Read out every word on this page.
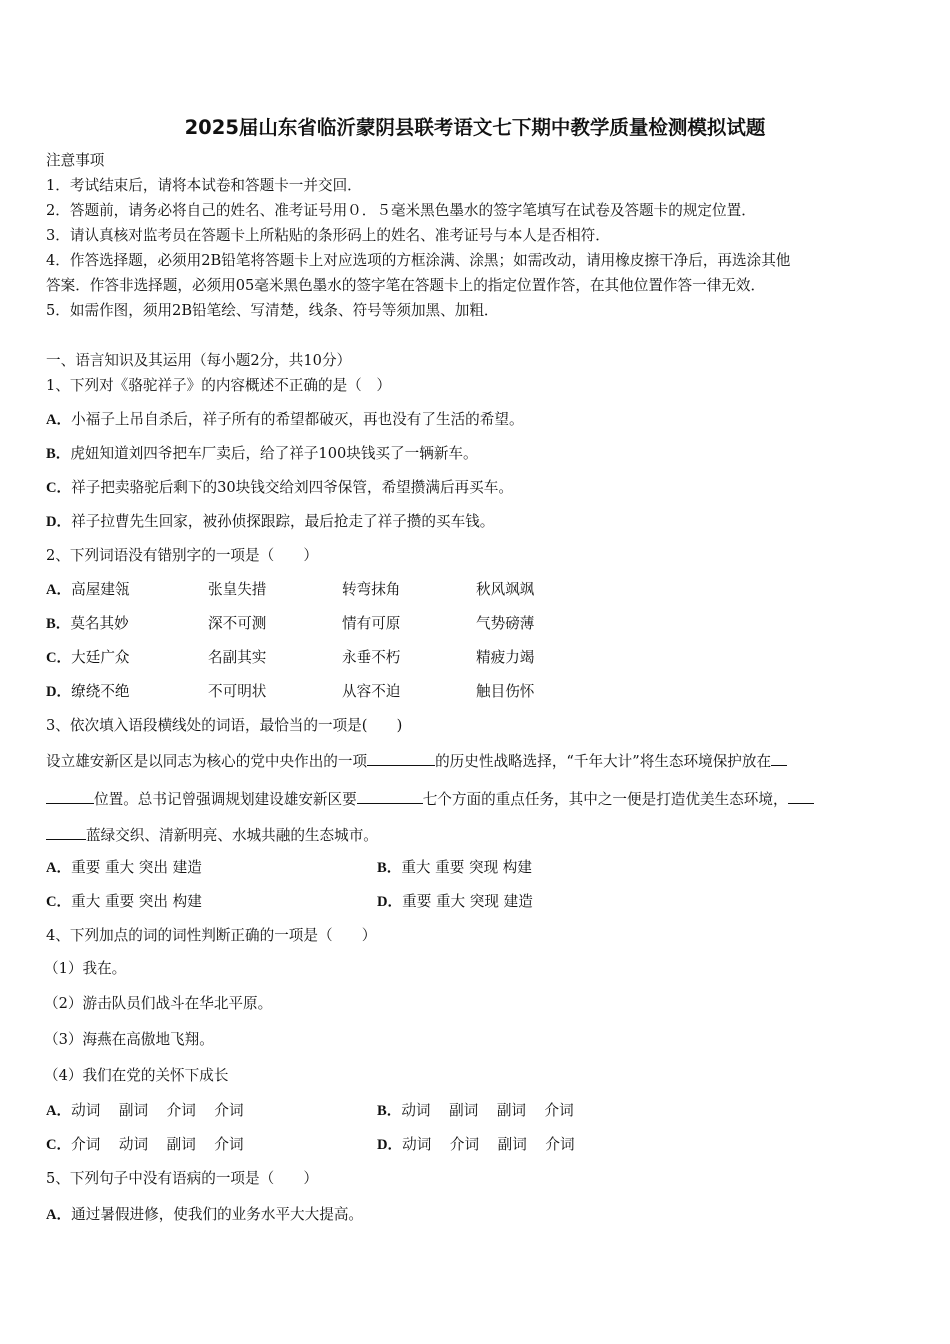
2025届山东省临沂蒙阴县联考语文七下期中教学质量检测模拟试题
注意事项
1．考试结束后，请将本试卷和答题卡一并交回．
2．答题前，请务必将自己的姓名、准考证号用０．５毫米黑色墨水的签字笔填写在试卷及答题卡的规定位置．
3．请认真核对监考员在答题卡上所粘贴的条形码上的姓名、准考证号与本人是否相符．
4．作答选择题，必须用2B铅笔将答题卡上对应选项的方框涂满、涂黑；如需改动，请用橡皮擦干净后，再选涂其他
答案．作答非选择题，必须用05毫米黑色墨水的签字笔在答题卡上的指定位置作答，在其他位置作答一律无效．
5．如需作图，须用2B铅笔绘、写清楚，线条、符号等须加黑、加粗．
一、语言知识及其运用（每小题2分，共10分）
1、下列对《骆驼祥子》的内容概述不正确的是（　）
A．小福子上吊自杀后，祥子所有的希望都破灭，再也没有了生活的希望。
B．虎妞知道刘四爷把车厂卖后，给了祥子100块钱买了一辆新车。
C．祥子把卖骆驼后剩下的30块钱交给刘四爷保管，希望攒满后再买车。
D．祥子拉曹先生回家，被孙侦探跟踪，最后抢走了祥子攒的买车钱。
2、下列词语没有错别字的一项是（　　）
A．高屋建瓴	张皇失措	转弯抹角	秋风飒飒
B．莫名其妙	深不可测	情有可原	气势磅薄
C．大廷广众	名副其实	永垂不朽	精疲力竭
D．缭绕不绝	不可明状	从容不迫	触目伤怀
3、依次填入语段横线处的词语，最恰当的一项是(　　)
设立雄安新区是以同志为核心的党中央作出的一项	的历史性战略选择，“千年大计”将生态环境保护放在
位置。总书记曾强调规划建设雄安新区要	七个方面的重点任务，其中之一便是打造优美生态环境，
蓝绿交织、清新明亮、水城共融的生态城市。
A．重要 重大 突出 建造	B．重大 重要 突现 构建
C．重大 重要 突出 构建	D．重要 重大 突现 建造
4、下列加点的词的词性判断正确的一项是（　　）
（1）我在。
（2）游击队员们战斗在华北平原。
（3）海燕在高傲地飞翔。
（4）我们在党的关怀下成长
A．动词    副词    介词    介词	B．动词    副词    副词    介词
C．介词    动词    副词    介词	D．动词    介词    副词    介词
5、下列句子中没有语病的一项是（　　）
A．通过暑假进修，使我们的业务水平大大提高。
